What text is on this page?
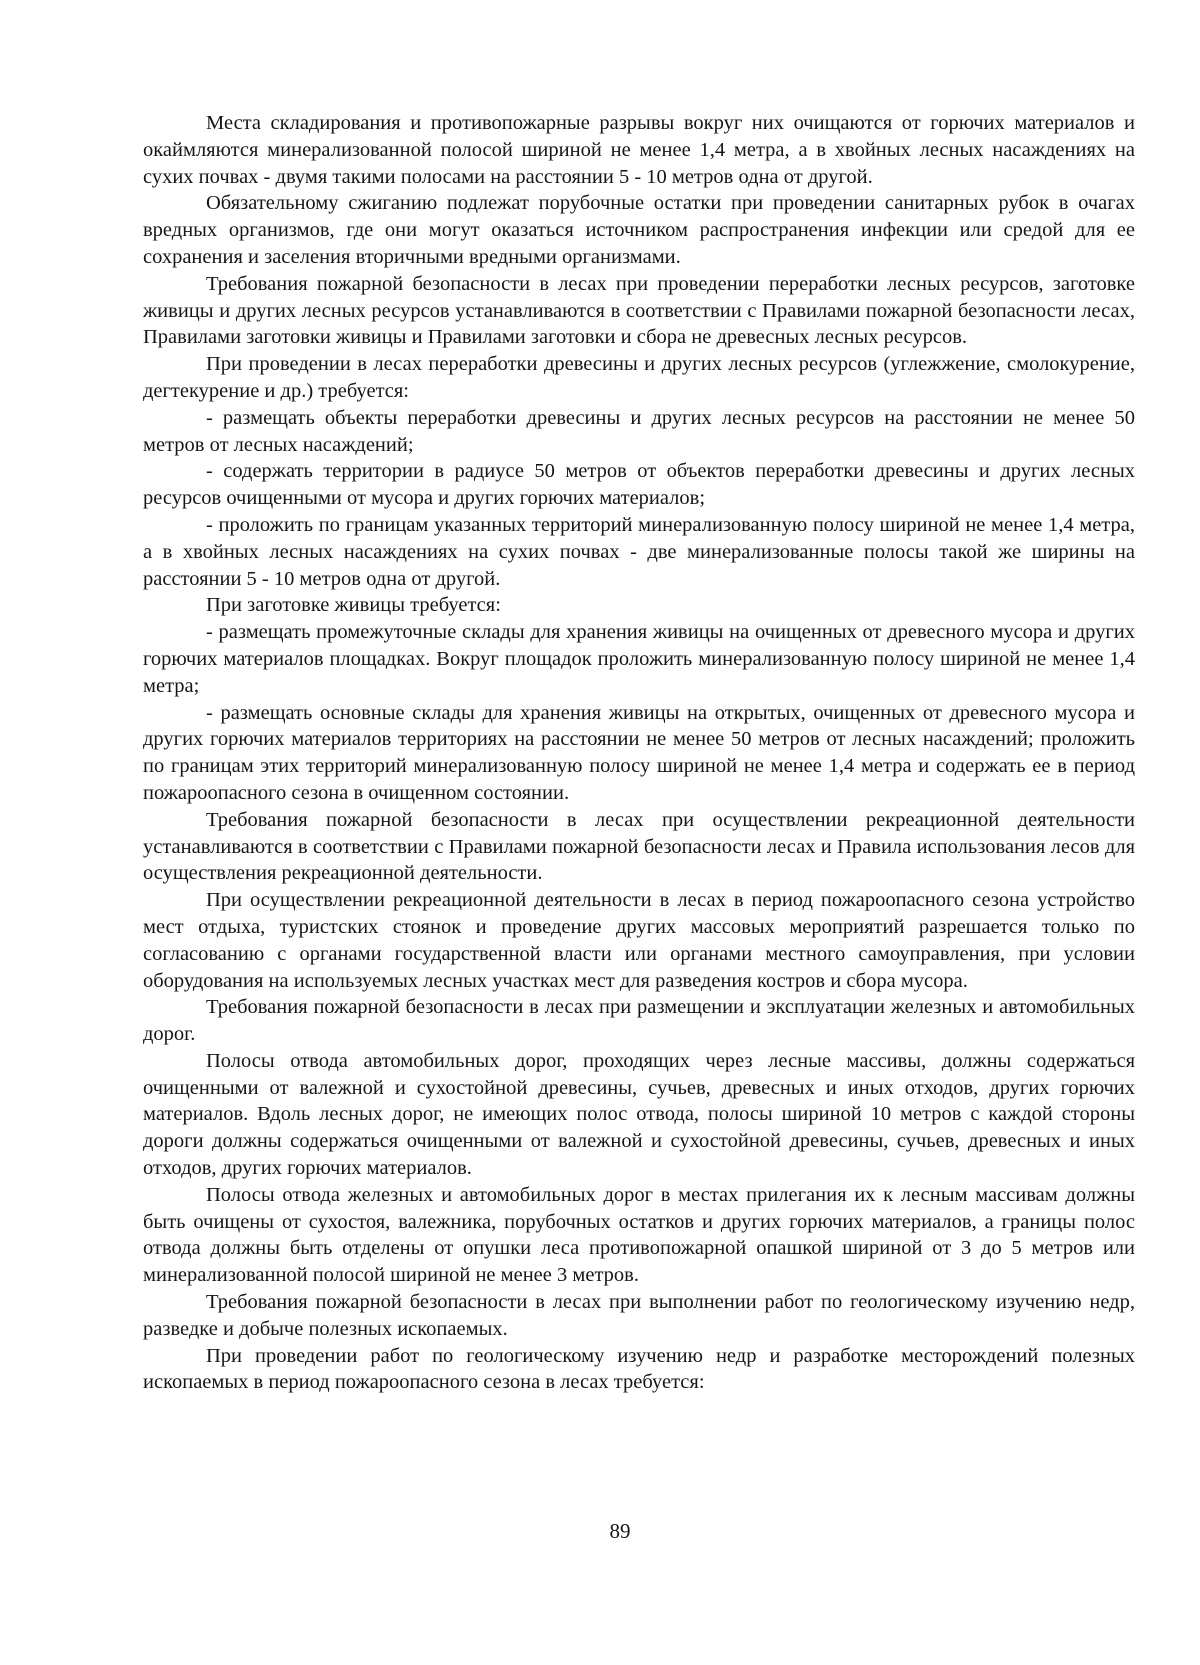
Места складирования и противопожарные разрывы вокруг них очищаются от горючих материалов и окаймляются минерализованной полосой шириной не менее 1,4 метра, а в хвойных лесных насаждениях на сухих почвах - двумя такими полосами на расстоянии 5 - 10 метров одна от другой.

Обязательному сжиганию подлежат порубочные остатки при проведении санитарных рубок в очагах вредных организмов, где они могут оказаться источником распространения инфекции или средой для ее сохранения и заселения вторичными вредными организмами.

Требования пожарной безопасности в лесах при проведении переработки лесных ресурсов, заготовке живицы и других лесных ресурсов устанавливаются в соответствии с Правилами пожарной безопасности лесах, Правилами заготовки живицы и Правилами заготовки и сбора не древесных лесных ресурсов.

При проведении в лесах переработки древесины и других лесных ресурсов (углежжение, смолокурение, дегтекурение и др.) требуется:

- размещать объекты переработки древесины и других лесных ресурсов на расстоянии не менее 50 метров от лесных насаждений;

- содержать территории в радиусе 50 метров от объектов переработки древесины и других лесных ресурсов очищенными от мусора и других горючих материалов;

- проложить по границам указанных территорий минерализованную полосу шириной не менее 1,4 метра, а в хвойных лесных насаждениях на сухих почвах - две минерализованные полосы такой же ширины на расстоянии 5 - 10 метров одна от другой.

При заготовке живицы требуется:

- размещать промежуточные склады для хранения живицы на очищенных от древесного мусора и других горючих материалов площадках. Вокруг площадок проложить минерализованную полосу шириной не менее 1,4 метра;

- размещать основные склады для хранения живицы на открытых, очищенных от древесного мусора и других горючих материалов территориях на расстоянии не менее 50 метров от лесных насаждений; проложить по границам этих территорий минерализованную полосу шириной не менее 1,4 метра и содержать ее в период пожароопасного сезона в очищенном состоянии.

Требования пожарной безопасности в лесах при осуществлении рекреационной деятельности устанавливаются в соответствии с Правилами пожарной безопасности лесах и Правила использования лесов для осуществления рекреационной деятельности.

При осуществлении рекреационной деятельности в лесах в период пожароопасного сезона устройство мест отдыха, туристских стоянок и проведение других массовых мероприятий разрешается только по согласованию с органами государственной власти или органами местного самоуправления, при условии оборудования на используемых лесных участках мест для разведения костров и сбора мусора.

Требования пожарной безопасности в лесах при размещении и эксплуатации железных и автомобильных дорог.

Полосы отвода автомобильных дорог, проходящих через лесные массивы, должны содержаться очищенными от валежной и сухостойной древесины, сучьев, древесных и иных отходов, других горючих материалов. Вдоль лесных дорог, не имеющих полос отвода, полосы шириной 10 метров с каждой стороны дороги должны содержаться очищенными от валежной и сухостойной древесины, сучьев, древесных и иных отходов, других горючих материалов.

Полосы отвода железных и автомобильных дорог в местах прилегания их к лесным массивам должны быть очищены от сухостоя, валежника, порубочных остатков и других горючих материалов, а границы полос отвода должны быть отделены от опушки леса противопожарной опашкой шириной от 3 до 5 метров или минерализованной полосой шириной не менее 3 метров.

Требования пожарной безопасности в лесах при выполнении работ по геологическому изучению недр, разведке и добыче полезных ископаемых.

При проведении работ по геологическому изучению недр и разработке месторождений полезных ископаемых в период пожароопасного сезона в лесах требуется:

89
